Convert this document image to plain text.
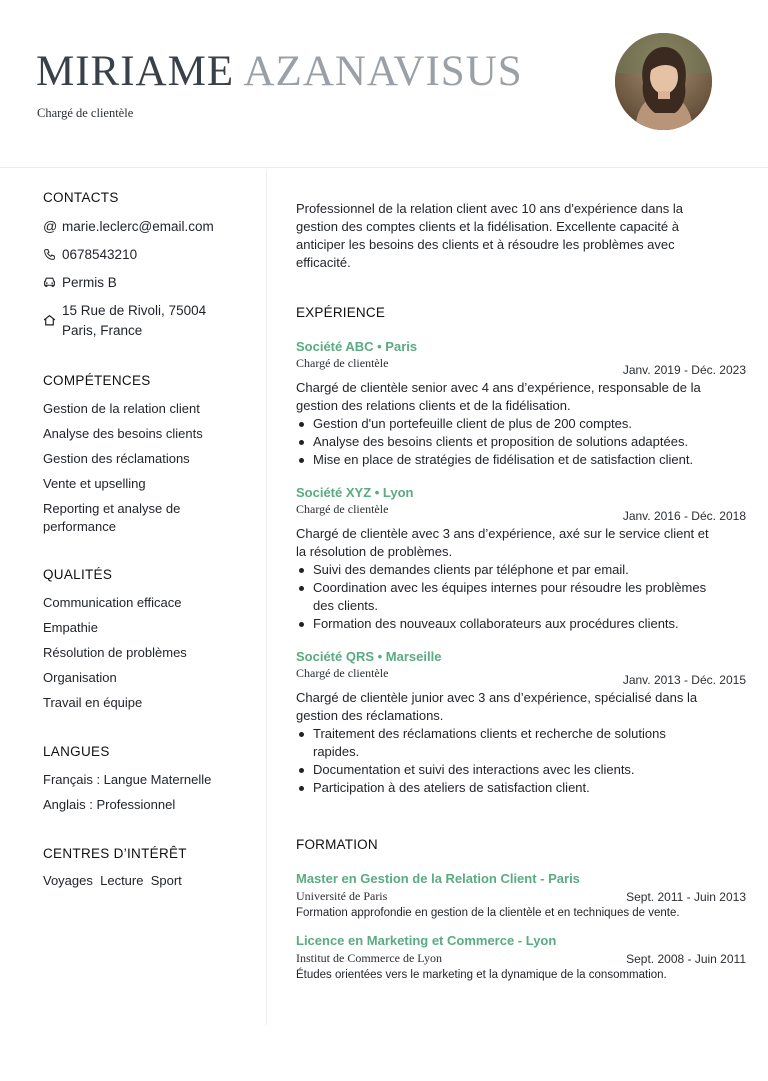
MIRIAME AZANAVISUS
Chargé de clientèle
CONTACTS
@ marie.leclerc@email.com
0678543210
Permis B
15 Rue de Rivoli, 75004
Paris, France
COMPÉTENCES
Gestion de la relation client
Analyse des besoins clients
Gestion des réclamations
Vente et upselling
Reporting et analyse de
performance
QUALITÉS
Communication efficace
Empathie
Résolution de problèmes
Organisation
Travail en équipe
LANGUES
Français : Langue Maternelle
Anglais : Professionnel
CENTRES D’INTÉRÊT
Voyages Lecture Sport
Professionnel de la relation client avec 10 ans d'expérience dans la
gestion des comptes clients et la fidélisation. Excellente capacité à
anticiper les besoins des clients et à résoudre les problèmes avec
efficacité.
EXPÉRIENCE
Société ABC • Paris
Chargé de clientèle	Janv. 2019 - Déc. 2023
Chargé de clientèle senior avec 4 ans d’expérience, responsable de la
gestion des relations clients et de la fidélisation.
Gestion d'un portefeuille client de plus de 200 comptes.
Analyse des besoins clients et proposition de solutions adaptées.
Mise en place de stratégies de fidélisation et de satisfaction client.
Société XYZ • Lyon
Chargé de clientèle	Janv. 2016 - Déc. 2018
Chargé de clientèle avec 3 ans d’expérience, axé sur le service client et
la résolution de problèmes.
Suivi des demandes clients par téléphone et par email.
Coordination avec les équipes internes pour résoudre les problèmes
des clients.
Formation des nouveaux collaborateurs aux procédures clients.
Société QRS • Marseille
Chargé de clientèle	Janv. 2013 - Déc. 2015
Chargé de clientèle junior avec 3 ans d’expérience, spécialisé dans la
gestion des réclamations.
Traitement des réclamations clients et recherche de solutions
rapides.
Documentation et suivi des interactions avec les clients.
Participation à des ateliers de satisfaction client.
FORMATION
Master en Gestion de la Relation Client - Paris
Université de Paris	Sept. 2011 - Juin 2013
Formation approfondie en gestion de la clientèle et en techniques de vente.
Licence en Marketing et Commerce - Lyon
Institut de Commerce de Lyon	Sept. 2008 - Juin 2011
Études orientées vers le marketing et la dynamique de la consommation.
